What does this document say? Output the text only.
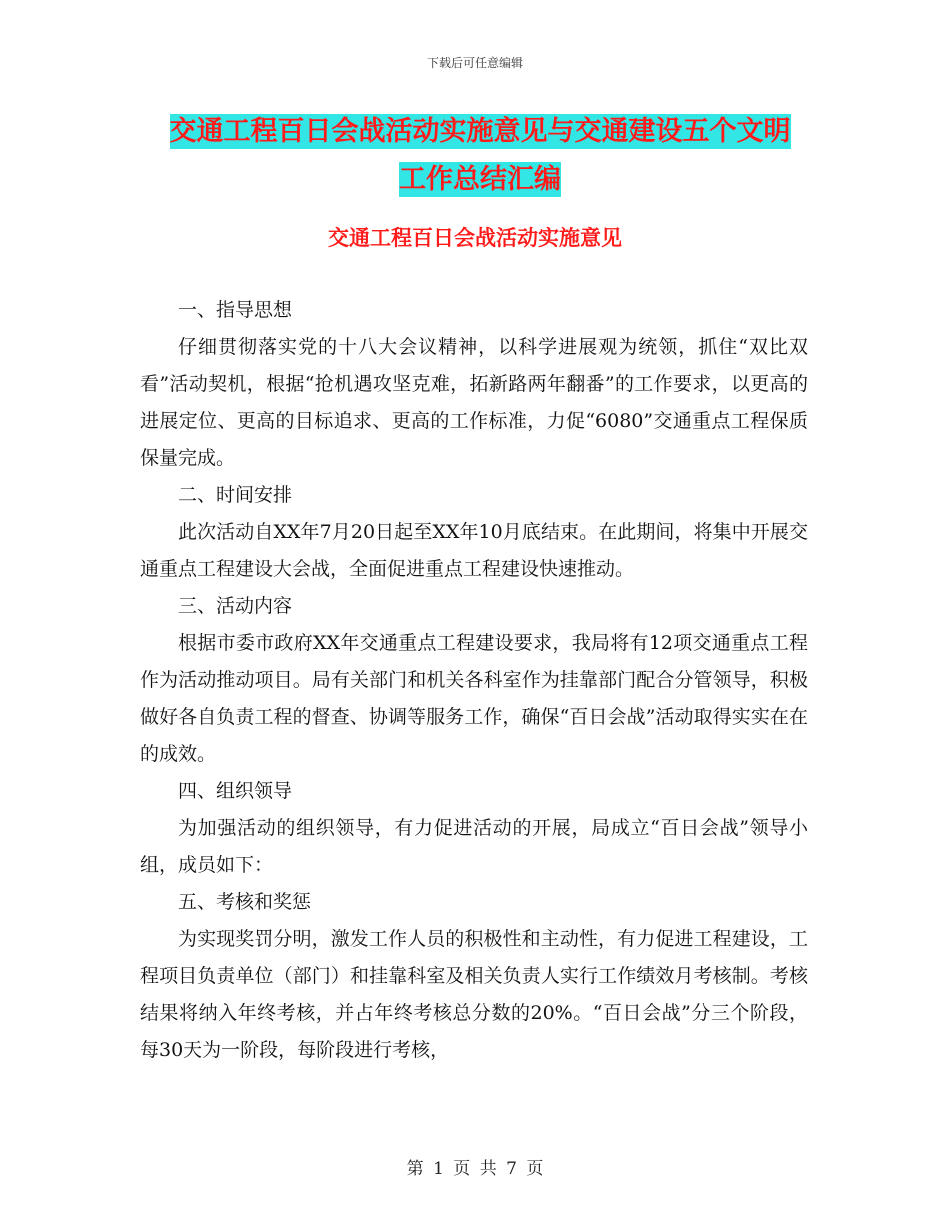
下载后可任意编辑
交通工程百日会战活动实施意见与交通建设五个文明
工作总结汇编
交通工程百日会战活动实施意见

一、指导思想

仔细贯彻落实党的十八大会议精神，以科学进展观为统领，抓住“双比双看”活动契机，根据“抢机遇攻坚克难，拓新路两年翻番”的工作要求，以更高的进展定位、更高的目标追求、更高的工作标准，力促“6080”交通重点工程保质保量完成。

二、时间安排

此次活动自XX年7月20日起至XX年10月底结束。在此期间，将集中开展交通重点工程建设大会战，全面促进重点工程建设快速推动。

三、活动内容

根据市委市政府XX年交通重点工程建设要求，我局将有12项交通重点工程作为活动推动项目。局有关部门和机关各科室作为挂靠部门配合分管领导，积极做好各自负责工程的督查、协调等服务工作，确保“百日会战”活动取得实实在在的成效。

四、组织领导

为加强活动的组织领导，有力促进活动的开展，局成立“百日会战”领导小组，成员如下：

五、考核和奖惩

为实现奖罚分明，激发工作人员的积极性和主动性，有力促进工程建设，工程项目负责单位（部门）和挂靠科室及相关负责人实行工作绩效月考核制。考核结果将纳入年终考核，并占年终考核总分数的20%。“百日会战”分三个阶段，每30天为一阶段，每阶段进行考核，

第 1 页 共 7 页
